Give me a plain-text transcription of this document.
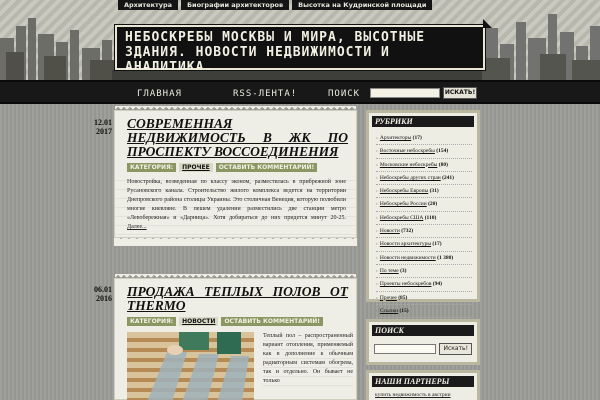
Архитектура	Биографии архитекторов	Высотка на Кудринской площади
НЕБОСКРЕБЫ МОСКВЫ И МИРА, ВЫСОТНЫЕ ЗДАНИЯ. НОВОСТИ НЕДВИЖИМОСТИ И АНАЛИТИКА.
ГЛАВНАЯ	RSS-ЛЕНТА!	ПОИСК	ИСКАТЬ!
12.01
2017
СОВРЕМЕННАЯ НЕДВИЖИМОСТЬ В ЖК ПО ПРОСПЕКТУ ВОССОЕДИНЕНИЯ
КАТЕГОРИЯ:	ПРОЧЕЕ	ОСТАВИТЬ КОММЕНТАРИЙ!

Новостройка, возведенная по классу эконом, разместилась в прибрежной зоне Русановского канала. Строительство жилого комплекса ведется на территории Днепровского района столицы Украины. Это столичная Венеция, которую полюбили многие киевляне. В пешем удалении разместились две станции метро «Левобережная» и «Дарница». Хотя добираться до них придется минут 20-25. Далее...

06.01
2016	ПРОДАЖА ТЕПЛЫХ ПОЛОВ ОТ THERMO
КАТЕГОРИЯ:	НОВОСТИ	ОСТАВИТЬ КОММЕНТАРИЙ!

Теплый пол – распространенный вариант отопления, применяемый как в дополнение к обычным радиаторным системам обогрева, так и отдельно. Он бывает не только

РУБРИКИ
› Архитекторы (17)
› Восточные небоскребы (154)
› Московские небоскребы (80)
› Небоскребы других стран (241)
› Небоскребы Европы (31)
› Небоскребы России (20)
› Небоскребы США (110)
› Новости (732)
› Новости архитектуры (17)
› Новости недвижимости (1 380)
› По теме (3)
› Проекты небоскребов (94)
› Прочее (85)
› Ссылки (15)
›
ПОИСК
Искать!
НАШИ ПАРТНЕРЫ
купить недвижимость в австрии
